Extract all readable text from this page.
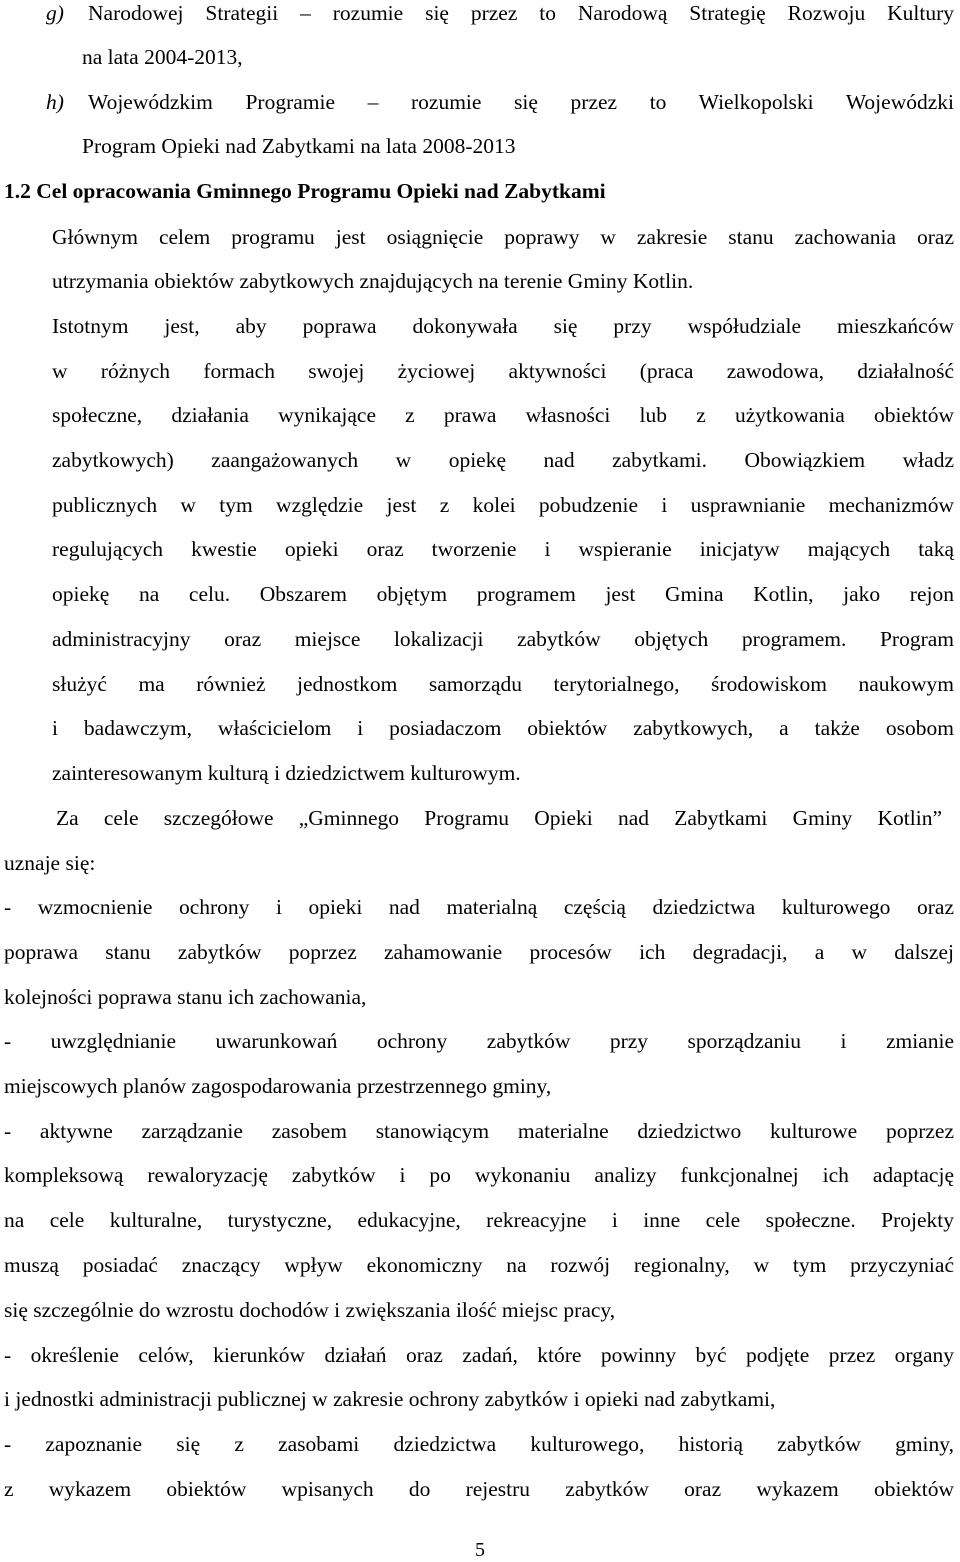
g) Narodowej Strategii – rozumie się przez to Narodową Strategię Rozwoju Kultury
na lata 2004-2013,
h) Wojewódzkim Programie – rozumie się przez to Wielkopolski Wojewódzki
Program Opieki nad Zabytkami na lata 2008-2013
1.2 Cel opracowania Gminnego Programu Opieki nad Zabytkami
Głównym celem programu jest osiągnięcie poprawy w zakresie stanu zachowania oraz
utrzymania obiektów zabytkowych znajdujących na terenie Gminy Kotlin.
Istotnym jest, aby poprawa dokonywała się przy współudziale mieszkańców
w różnych formach swojej życiowej aktywności (praca zawodowa, działalność
społeczne, działania wynikające z prawa własności lub z użytkowania obiektów
zabytkowych) zaangażowanych w opiekę nad zabytkami. Obowiązkiem władz
publicznych w tym względzie jest z kolei pobudzenie i usprawnianie mechanizmów
regulujących kwestie opieki oraz tworzenie i wspieranie inicjatyw mających taką
opiekę na celu. Obszarem objętym programem jest Gmina Kotlin, jako rejon
administracyjny oraz miejsce lokalizacji zabytków objętych programem. Program
służyć ma również jednostkom samorządu terytorialnego, środowiskom naukowym
i badawczym, właścicielom i posiadaczom obiektów zabytkowych, a także osobom
zainteresowanym kulturą i dziedzictwem kulturowym.
Za cele szczegółowe „Gminnego Programu Opieki nad Zabytkami Gminy Kotlin”
uznaje się:
- wzmocnienie ochrony i opieki nad materialną częścią dziedzictwa kulturowego oraz
poprawa stanu zabytków poprzez zahamowanie procesów ich degradacji, a w dalszej
kolejności poprawa stanu ich zachowania,
- uwzględnianie uwarunkowań ochrony zabytków przy sporządzaniu i zmianie
miejscowych planów zagospodarowania przestrzennego gminy,
- aktywne zarządzanie zasobem stanowiącym materialne dziedzictwo kulturowe poprzez
kompleksową rewaloryzację zabytków i po wykonaniu analizy funkcjonalnej ich adaptację
na cele kulturalne, turystyczne, edukacyjne, rekreacyjne i inne cele społeczne. Projekty
muszą posiadać znaczący wpływ ekonomiczny na rozwój regionalny, w tym przyczyniać
się szczególnie do wzrostu dochodów i zwiększania ilość miejsc pracy,
- określenie celów, kierunków działań oraz zadań, które powinny być podjęte przez organy
i jednostki administracji publicznej w zakresie ochrony zabytków i opieki nad zabytkami,
- zapoznanie się z zasobami dziedzictwa kulturowego, historią zabytków gminy,
z wykazem obiektów wpisanych do rejestru zabytków oraz wykazem obiektów
5
